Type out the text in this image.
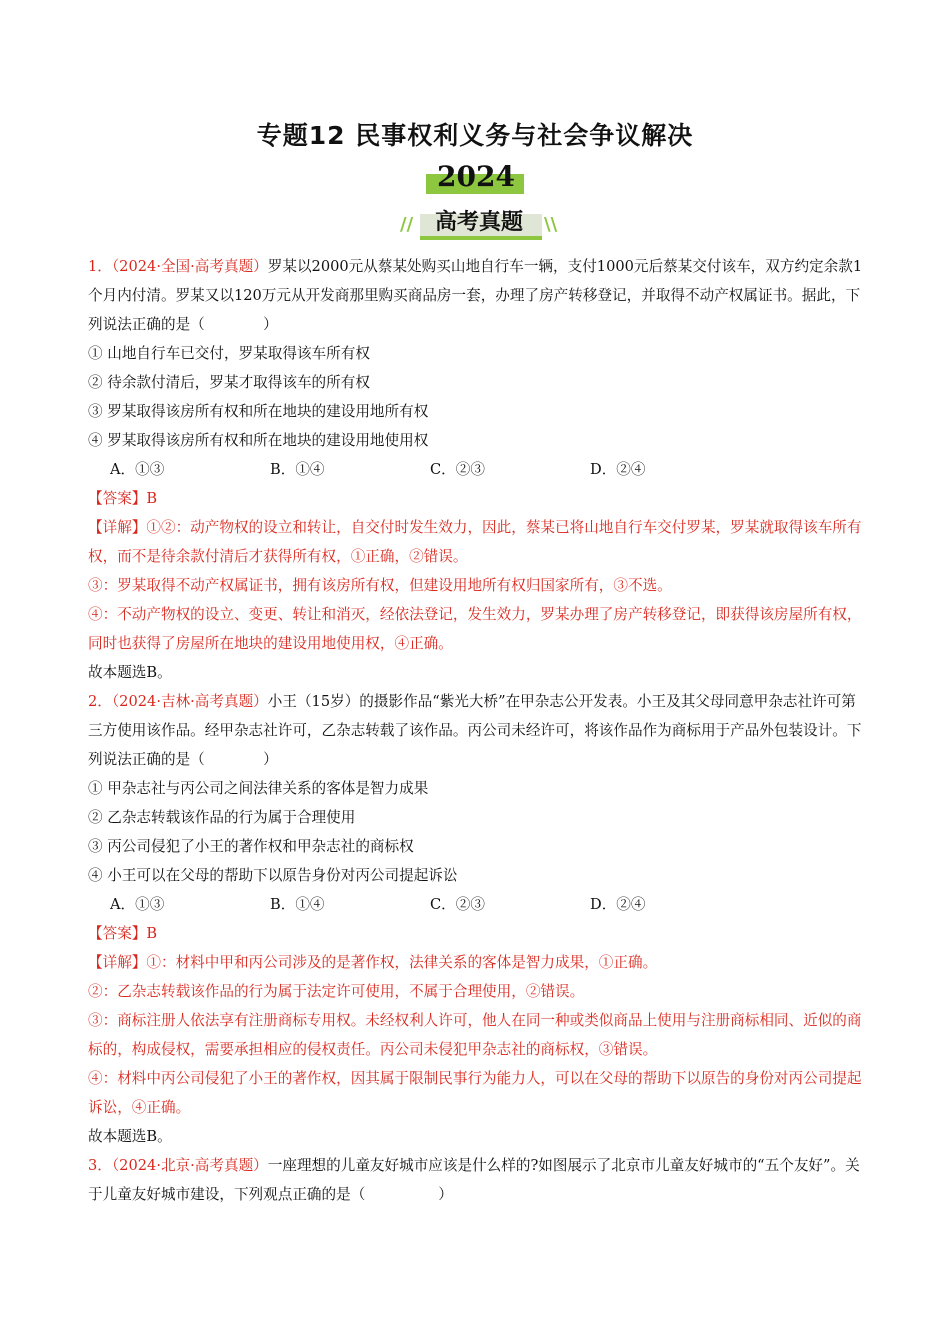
专题12 民事权利义务与社会争议解决
2024
// 高考真题	\\

1．（2024·全国·高考真题）罗某以2000元从蔡某处购买山地自行车一辆，支付1000元后蔡某交付该车，双方约定余款1个月内付清。罗某又以120万元从开发商那里购买商品房一套，办理了房产转移登记，并取得不动产权属证书。据此，下列说法正确的是（　　　　）

① 山地自行车已交付，罗某取得该车所有权

② 待余款付清后，罗某才取得该车的所有权

③ 罗某取得该房所有权和所在地块的建设用地所有权

④ 罗某取得该房所有权和所在地块的建设用地使用权

A．①③	B．①④	C．②③	D．②④

【答案】B

【详解】①②：动产物权的设立和转让，自交付时发生效力，因此，蔡某已将山地自行车交付罗某，罗某就取得该车所有权，而不是待余款付清后才获得所有权，①正确，②错误。

③：罗某取得不动产权属证书，拥有该房所有权，但建设用地所有权归国家所有，③不选。

④：不动产物权的设立、变更、转让和消灭，经依法登记，发生效力，罗某办理了房产转移登记，即获得该房屋所有权，同时也获得了房屋所在地块的建设用地使用权，④正确。

故本题选B。

2．（2024·吉林·高考真题）小王（15岁）的摄影作品“紫光大桥”在甲杂志公开发表。小王及其父母同意甲杂志社许可第三方使用该作品。经甲杂志社许可，乙杂志转载了该作品。丙公司未经许可，将该作品作为商标用于产品外包装设计。下列说法正确的是（　　　　）

① 甲杂志社与丙公司之间法律关系的客体是智力成果

② 乙杂志转载该作品的行为属于合理使用

③ 丙公司侵犯了小王的著作权和甲杂志社的商标权

④ 小王可以在父母的帮助下以原告身份对丙公司提起诉讼

A．①③	B．①④	C．②③	D．②④

【答案】B

【详解】①：材料中甲和丙公司涉及的是著作权，法律关系的客体是智力成果，①正确。

②：乙杂志转载该作品的行为属于法定许可使用，不属于合理使用，②错误。

③：商标注册人依法享有注册商标专用权。未经权利人许可，他人在同一种或类似商品上使用与注册商标相同、近似的商标的，构成侵权，需要承担相应的侵权责任。丙公司未侵犯甲杂志社的商标权，③错误。

④：材料中丙公司侵犯了小王的著作权，因其属于限制民事行为能力人，可以在父母的帮助下以原告的身份对丙公司提起诉讼，④正确。

故本题选B。

3．（2024·北京·高考真题）一座理想的儿童友好城市应该是什么样的?如图展示了北京市儿童友好城市的“五个友好”。关于儿童友好城市建设，下列观点正确的是（　　　　　）
